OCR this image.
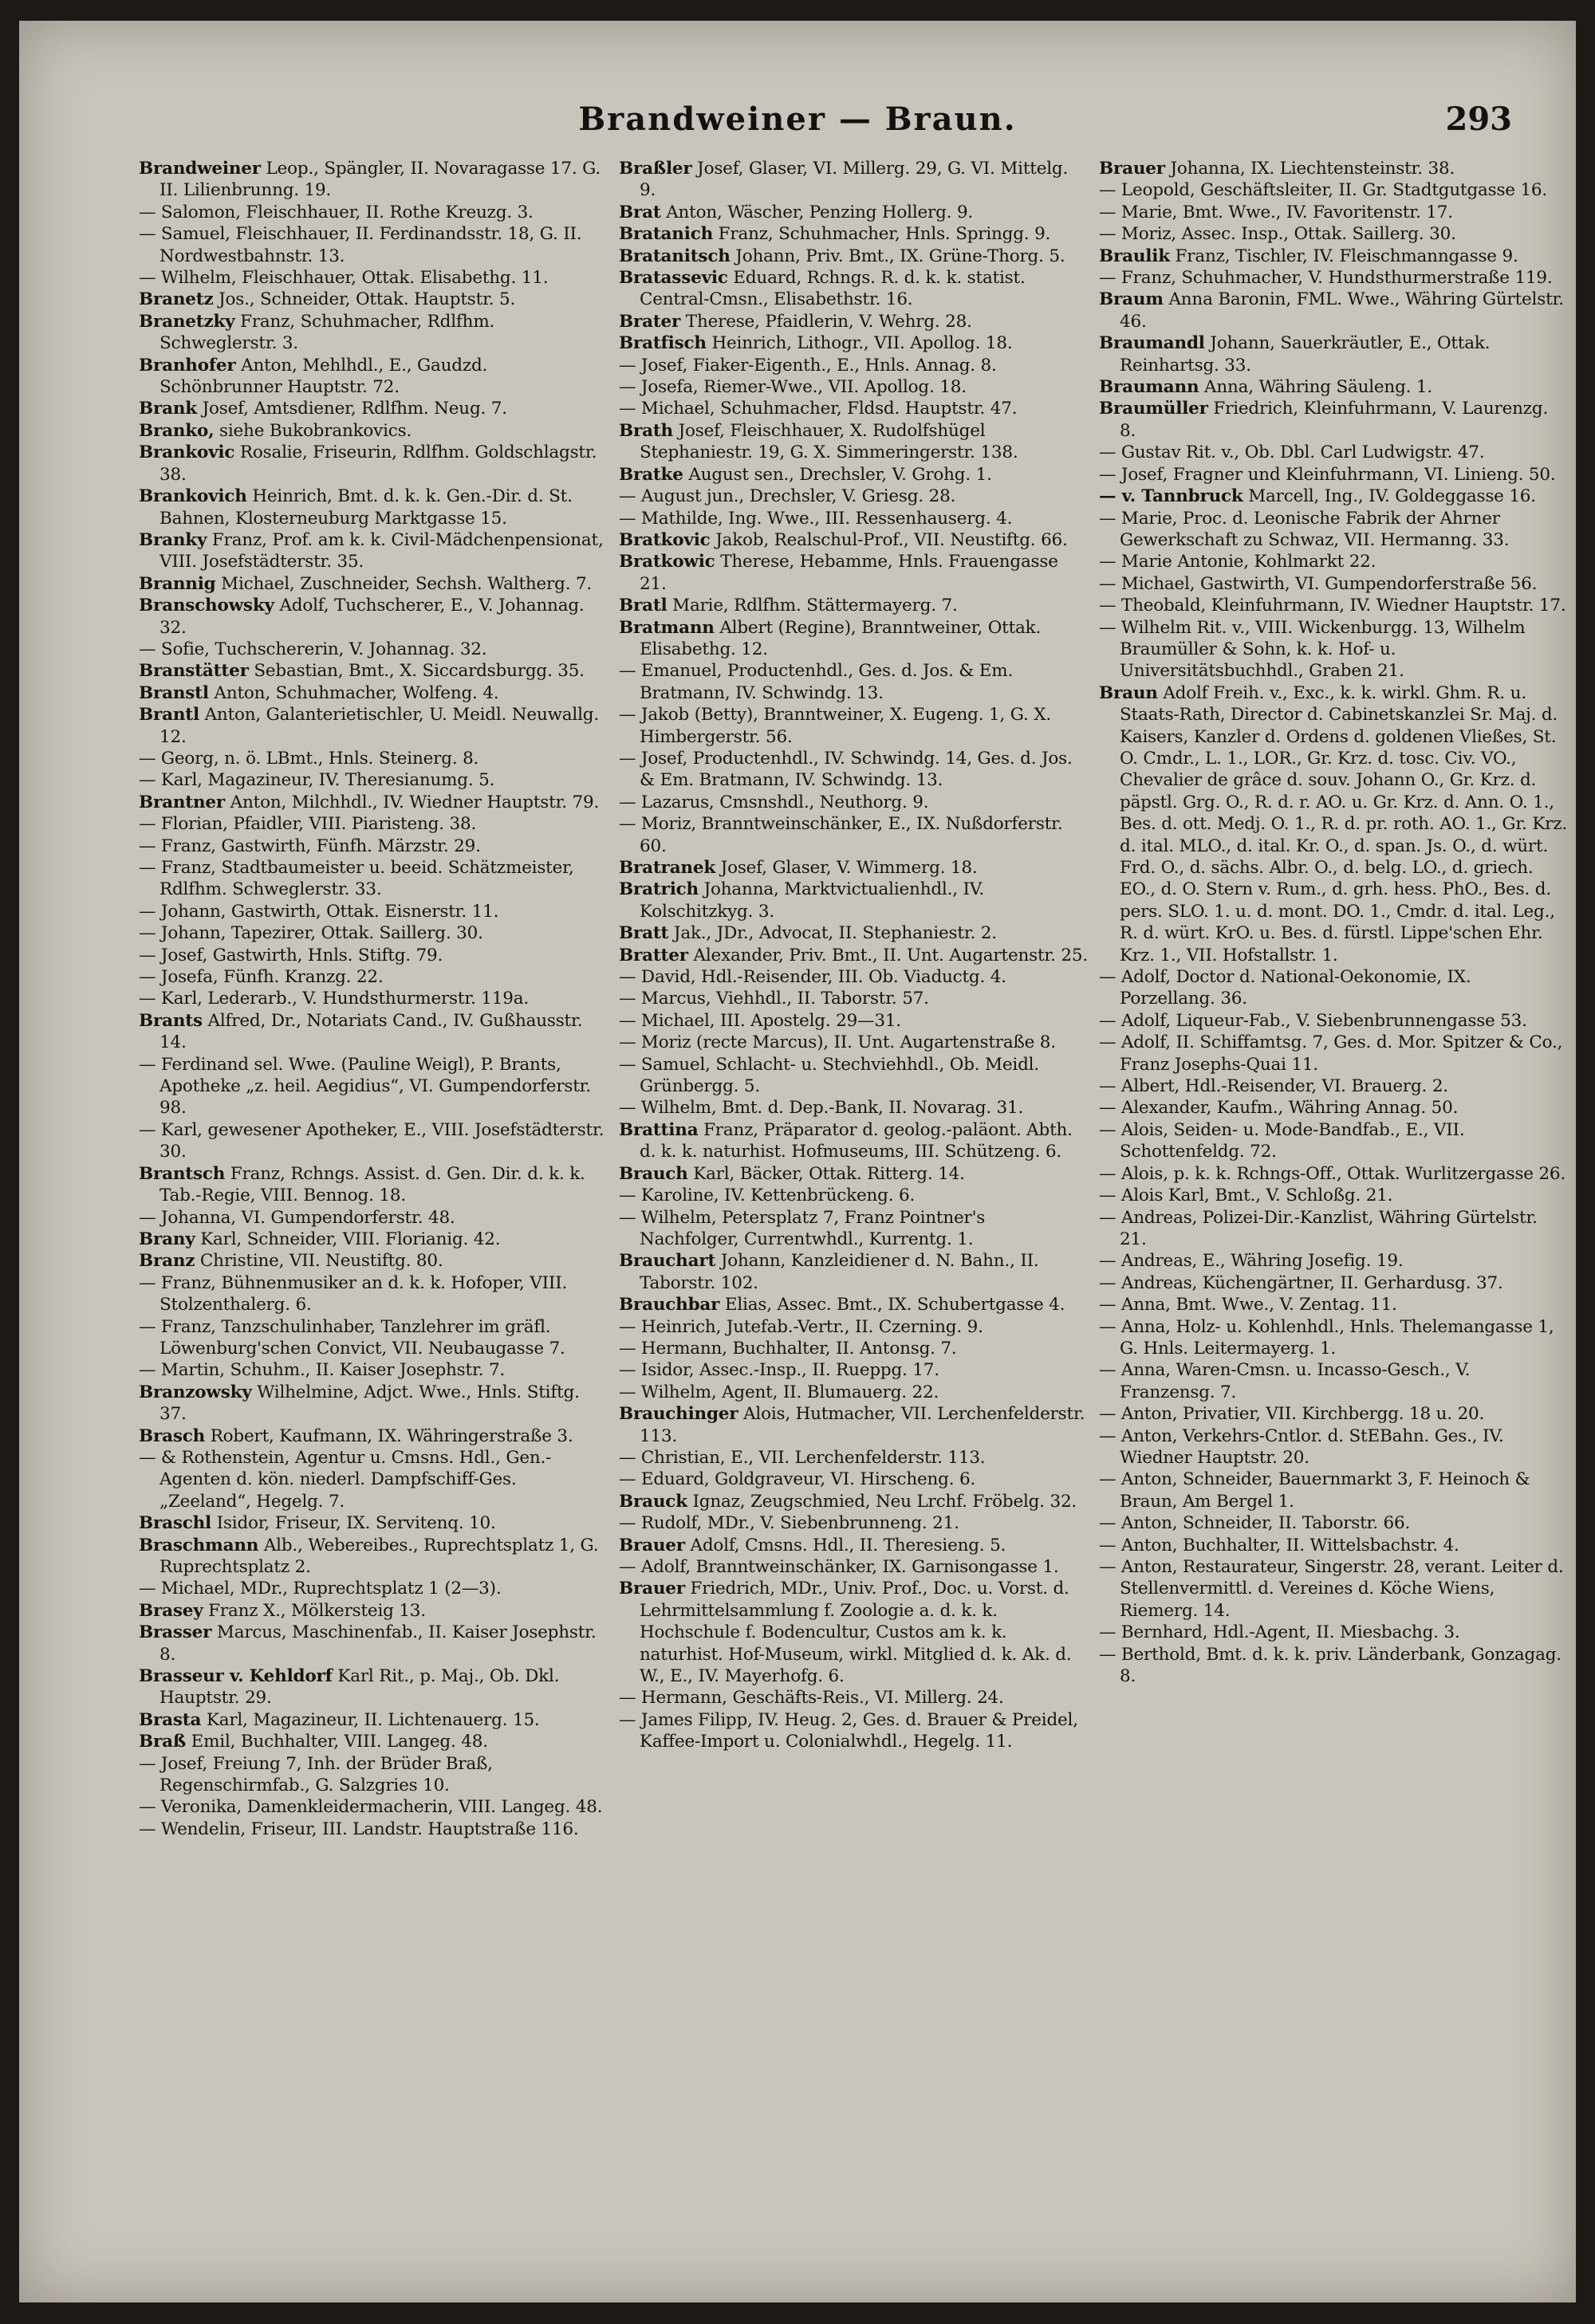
Brandweiner — Braun.	293

Brandweiner Leop., Spängler, II. Novaragasse 17. G. II. Lilienbrunng. 19.

— Salomon, Fleischhauer, II. Rothe Kreuzg. 3.

— Samuel, Fleischhauer, II. Ferdinandsstr. 18, G. II. Nordwestbahnstr. 13.

— Wilhelm, Fleischhauer, Ottak. Elisabethg. 11.

Branetz Jos., Schneider, Ottak. Hauptstr. 5.

Branetzky Franz, Schuhmacher, Rdlfhm. Schweglerstr. 3.

Branhofer Anton, Mehlhdl., E., Gaudzd. Schönbrunner Hauptstr. 72.

Brank Josef, Amtsdiener, Rdlfhm. Neug. 7.

Branko, siehe Bukobrankovics.

Brankovic Rosalie, Friseurin, Rdlfhm. Goldschlagstr. 38.

Brankovich Heinrich, Bmt. d. k. k. Gen.-Dir. d. St. Bahnen, Klosterneuburg Marktgasse 15.

Branky Franz, Prof. am k. k. Civil-Mädchenpensionat, VIII. Josefstädterstr. 35.

Brannig Michael, Zuschneider, Sechsh. Waltherg. 7.

Branschowsky Adolf, Tuchscherer, E., V. Johannag. 32.

— Sofie, Tuchschererin, V. Johannag. 32.

Branstätter Sebastian, Bmt., X. Siccardsburgg. 35.

Branstl Anton, Schuhmacher, Wolfeng. 4.

Brantl Anton, Galanterietischler, U. Meidl. Neuwallg. 12.

— Georg, n. ö. LBmt., Hnls. Steinerg. 8.

— Karl, Magazineur, IV. Theresianumg. 5.

Brantner Anton, Milchhdl., IV. Wiedner Hauptstr. 79.

— Florian, Pfaidler, VIII. Piaristeng. 38.

— Franz, Gastwirth, Fünfh. Märzstr. 29.

— Franz, Stadtbaumeister u. beeid. Schätzmeister, Rdlfhm. Schweglerstr. 33.

— Johann, Gastwirth, Ottak. Eisnerstr. 11.

— Johann, Tapezirer, Ottak. Saillerg. 30.

— Josef, Gastwirth, Hnls. Stiftg. 79.

— Josefa, Fünfh. Kranzg. 22.

— Karl, Lederarb., V. Hundsthurmerstr. 119a.

Brants Alfred, Dr., Notariats Cand., IV. Gußhausstr. 14.

— Ferdinand sel. Wwe. (Pauline Weigl), P. Brants, Apotheke „z. heil. Aegidius“, VI. Gumpendorferstr. 98.

— Karl, gewesener Apotheker, E., VIII. Josefstädterstr. 30.

Brantsch Franz, Rchngs. Assist. d. Gen. Dir. d. k. k. Tab.-Regie, VIII. Bennog. 18.

— Johanna, VI. Gumpendorferstr. 48.

Brany Karl, Schneider, VIII. Florianig. 42.

Branz Christine, VII. Neustiftg. 80.

— Franz, Bühnenmusiker an d. k. k. Hofoper, VIII. Stolzenthalerg. 6.

— Franz, Tanzschulinhaber, Tanzlehrer im gräfl. Löwenburg'schen Convict, VII. Neubaugasse 7.

— Martin, Schuhm., II. Kaiser Josephstr. 7.

Branzowsky Wilhelmine, Adjct. Wwe., Hnls. Stiftg. 37.

Brasch Robert, Kaufmann, IX. Währingerstraße 3.

— & Rothenstein, Agentur u. Cmsns. Hdl., Gen.-Agenten d. kön. niederl. Dampfschiff-Ges. „Zeeland“, Hegelg. 7.

Braschl Isidor, Friseur, IX. Servitenq. 10.

Braschmann Alb., Webereibes., Ruprechtsplatz 1, G. Ruprechtsplatz 2.

— Michael, MDr., Ruprechtsplatz 1 (2—3).

Brasey Franz X., Mölkersteig 13.

Brasser Marcus, Maschinenfab., II. Kaiser Josephstr. 8.

Brasseur v. Kehldorf Karl Rit., p. Maj., Ob. Dkl. Hauptstr. 29.

Brasta Karl, Magazineur, II. Lichtenauerg. 15.

Braß Emil, Buchhalter, VIII. Langeg. 48.

— Josef, Freiung 7, Inh. der Brüder Braß, Regenschirmfab., G. Salzgries 10.

— Veronika, Damenkleidermacherin, VIII. Langeg. 48.

— Wendelin, Friseur, III. Landstr. Hauptstraße 116.

Braßler Josef, Glaser, VI. Millerg. 29, G. VI. Mittelg. 9.

Brat Anton, Wäscher, Penzing Hollerg. 9.

Bratanich Franz, Schuhmacher, Hnls. Springg. 9.

Bratanitsch Johann, Priv. Bmt., IX. Grüne-Thorg. 5.

Bratassevic Eduard, Rchngs. R. d. k. k. statist. Central-Cmsn., Elisabethstr. 16.

Brater Therese, Pfaidlerin, V. Wehrg. 28.

Bratfisch Heinrich, Lithogr., VII. Apollog. 18.

— Josef, Fiaker-Eigenth., E., Hnls. Annag. 8.

— Josefa, Riemer-Wwe., VII. Apollog. 18.

— Michael, Schuhmacher, Fldsd. Hauptstr. 47.

Brath Josef, Fleischhauer, X. Rudolfshügel Stephaniestr. 19, G. X. Simmeringerstr. 138.

Bratke August sen., Drechsler, V. Grohg. 1.

— August jun., Drechsler, V. Griesg. 28.

— Mathilde, Ing. Wwe., III. Ressenhauserg. 4.

Bratkovic Jakob, Realschul-Prof., VII. Neustiftg. 66.

Bratkowic Therese, Hebamme, Hnls. Frauengasse 21.

Bratl Marie, Rdlfhm. Stättermayerg. 7.

Bratmann Albert (Regine), Branntweiner, Ottak. Elisabethg. 12.

— Emanuel, Productenhdl., Ges. d. Jos. & Em. Bratmann, IV. Schwindg. 13.

— Jakob (Betty), Branntweiner, X. Eugeng. 1, G. X. Himbergerstr. 56.

— Josef, Productenhdl., IV. Schwindg. 14, Ges. d. Jos. & Em. Bratmann, IV. Schwindg. 13.

— Lazarus, Cmsnshdl., Neuthorg. 9.

— Moriz, Branntweinschänker, E., IX. Nußdorferstr. 60.

Bratranek Josef, Glaser, V. Wimmerg. 18.

Bratrich Johanna, Marktvictualienhdl., IV. Kolschitzkyg. 3.

Bratt Jak., JDr., Advocat, II. Stephaniestr. 2.

Bratter Alexander, Priv. Bmt., II. Unt. Augartenstr. 25.

— David, Hdl.-Reisender, III. Ob. Viaductg. 4.

— Marcus, Viehhdl., II. Taborstr. 57.

— Michael, III. Apostelg. 29—31.

— Moriz (recte Marcus), II. Unt. Augartenstraße 8.

— Samuel, Schlacht- u. Stechviehhdl., Ob. Meidl. Grünbergg. 5.

— Wilhelm, Bmt. d. Dep.-Bank, II. Novarag. 31.

Brattina Franz, Präparator d. geolog.-paläont. Abth. d. k. k. naturhist. Hofmuseums, III. Schützeng. 6.

Brauch Karl, Bäcker, Ottak. Ritterg. 14.

— Karoline, IV. Kettenbrückeng. 6.

— Wilhelm, Petersplatz 7, Franz Pointner's Nachfolger, Currentwhdl., Kurrentg. 1.

Brauchart Johann, Kanzleidiener d. N. Bahn., II. Taborstr. 102.

Brauchbar Elias, Assec. Bmt., IX. Schubertgasse 4.

— Heinrich, Jutefab.-Vertr., II. Czerning. 9.

— Hermann, Buchhalter, II. Antonsg. 7.

— Isidor, Assec.-Insp., II. Rueppg. 17.

— Wilhelm, Agent, II. Blumauerg. 22.

Brauchinger Alois, Hutmacher, VII. Lerchenfelderstr. 113.

— Christian, E., VII. Lerchenfelderstr. 113.

— Eduard, Goldgraveur, VI. Hirscheng. 6.

Brauck Ignaz, Zeugschmied, Neu Lrchf. Fröbelg. 32.

— Rudolf, MDr., V. Siebenbrunneng. 21.

Brauer Adolf, Cmsns. Hdl., II. Theresieng. 5.

— Adolf, Branntweinschänker, IX. Garnisongasse 1.

Brauer Friedrich, MDr., Univ. Prof., Doc. u. Vorst. d. Lehrmittelsammlung f. Zoologie a. d. k. k. Hochschule f. Bodencultur, Custos am k. k. naturhist. Hof-Museum, wirkl. Mitglied d. k. Ak. d. W., E., IV. Mayerhofg. 6.

— Hermann, Geschäfts-Reis., VI. Millerg. 24.

— James Filipp, IV. Heug. 2, Ges. d. Brauer & Preidel, Kaffee-Import u. Colonialwhdl., Hegelg. 11.

Brauer Johanna, IX. Liechtensteinstr. 38.

— Leopold, Geschäftsleiter, II. Gr. Stadtgutgasse 16.

— Marie, Bmt. Wwe., IV. Favoritenstr. 17.

— Moriz, Assec. Insp., Ottak. Saillerg. 30.

Braulik Franz, Tischler, IV. Fleischmanngasse 9.

— Franz, Schuhmacher, V. Hundsthurmerstraße 119.

Braum Anna Baronin, FML. Wwe., Währing Gürtelstr. 46.

Braumandl Johann, Sauerkräutler, E., Ottak. Reinhartsg. 33.

Braumann Anna, Währing Säuleng. 1.

Braumüller Friedrich, Kleinfuhrmann, V. Laurenzg. 8.

— Gustav Rit. v., Ob. Dbl. Carl Ludwigstr. 47.

— Josef, Fragner und Kleinfuhrmann, VI. Linieng. 50.

— v. Tannbruck Marcell, Ing., IV. Goldeggasse 16.

— Marie, Proc. d. Leonische Fabrik der Ahrner Gewerkschaft zu Schwaz, VII. Hermanng. 33.

— Marie Antonie, Kohlmarkt 22.

— Michael, Gastwirth, VI. Gumpendorferstraße 56.

— Theobald, Kleinfuhrmann, IV. Wiedner Hauptstr. 17.

— Wilhelm Rit. v., VIII. Wickenburgg. 13, Wilhelm Braumüller & Sohn, k. k. Hof- u. Universitätsbuchhdl., Graben 21.

Braun Adolf Freih. v., Exc., k. k. wirkl. Ghm. R. u. Staats-Rath, Director d. Cabinetskanzlei Sr. Maj. d. Kaisers, Kanzler d. Ordens d. goldenen Vließes, St. O. Cmdr., L. 1., LOR., Gr. Krz. d. tosc. Civ. VO., Chevalier de grâce d. souv. Johann O., Gr. Krz. d. päpstl. Grg. O., R. d. r. AO. u. Gr. Krz. d. Ann. O. 1., Bes. d. ott. Medj. O. 1., R. d. pr. roth. AO. 1., Gr. Krz. d. ital. MLO., d. ital. Kr. O., d. span. Js. O., d. würt. Frd. O., d. sächs. Albr. O., d. belg. LO., d. griech. EO., d. O. Stern v. Rum., d. grh. hess. PhO., Bes. d. pers. SLO. 1. u. d. mont. DO. 1., Cmdr. d. ital. Leg., R. d. würt. KrO. u. Bes. d. fürstl. Lippe'schen Ehr. Krz. 1., VII. Hofstallstr. 1.

— Adolf, Doctor d. National-Oekonomie, IX. Porzellang. 36.

— Adolf, Liqueur-Fab., V. Siebenbrunnengasse 53.

— Adolf, II. Schiffamtsg. 7, Ges. d. Mor. Spitzer & Co., Franz Josephs-Quai 11.

— Albert, Hdl.-Reisender, VI. Brauerg. 2.

— Alexander, Kaufm., Währing Annag. 50.

— Alois, Seiden- u. Mode-Bandfab., E., VII. Schottenfeldg. 72.

— Alois, p. k. k. Rchngs-Off., Ottak. Wurlitzergasse 26.

— Alois Karl, Bmt., V. Schloßg. 21.

— Andreas, Polizei-Dir.-Kanzlist, Währing Gürtelstr. 21.

— Andreas, E., Währing Josefig. 19.

— Andreas, Küchengärtner, II. Gerhardusg. 37.

— Anna, Bmt. Wwe., V. Zentag. 11.

— Anna, Holz- u. Kohlenhdl., Hnls. Thelemangasse 1, G. Hnls. Leitermayerg. 1.

— Anna, Waren-Cmsn. u. Incasso-Gesch., V. Franzensg. 7.

— Anton, Privatier, VII. Kirchbergg. 18 u. 20.

— Anton, Verkehrs-Cntlor. d. StEBahn. Ges., IV. Wiedner Hauptstr. 20.

— Anton, Schneider, Bauernmarkt 3, F. Heinoch & Braun, Am Bergel 1.

— Anton, Schneider, II. Taborstr. 66.

— Anton, Buchhalter, II. Wittelsbachstr. 4.

— Anton, Restaurateur, Singerstr. 28, verant. Leiter d. Stellenvermittl. d. Vereines d. Köche Wiens, Riemerg. 14.

— Bernhard, Hdl.-Agent, II. Miesbachg. 3.

— Berthold, Bmt. d. k. k. priv. Länderbank, Gonzagag. 8.
